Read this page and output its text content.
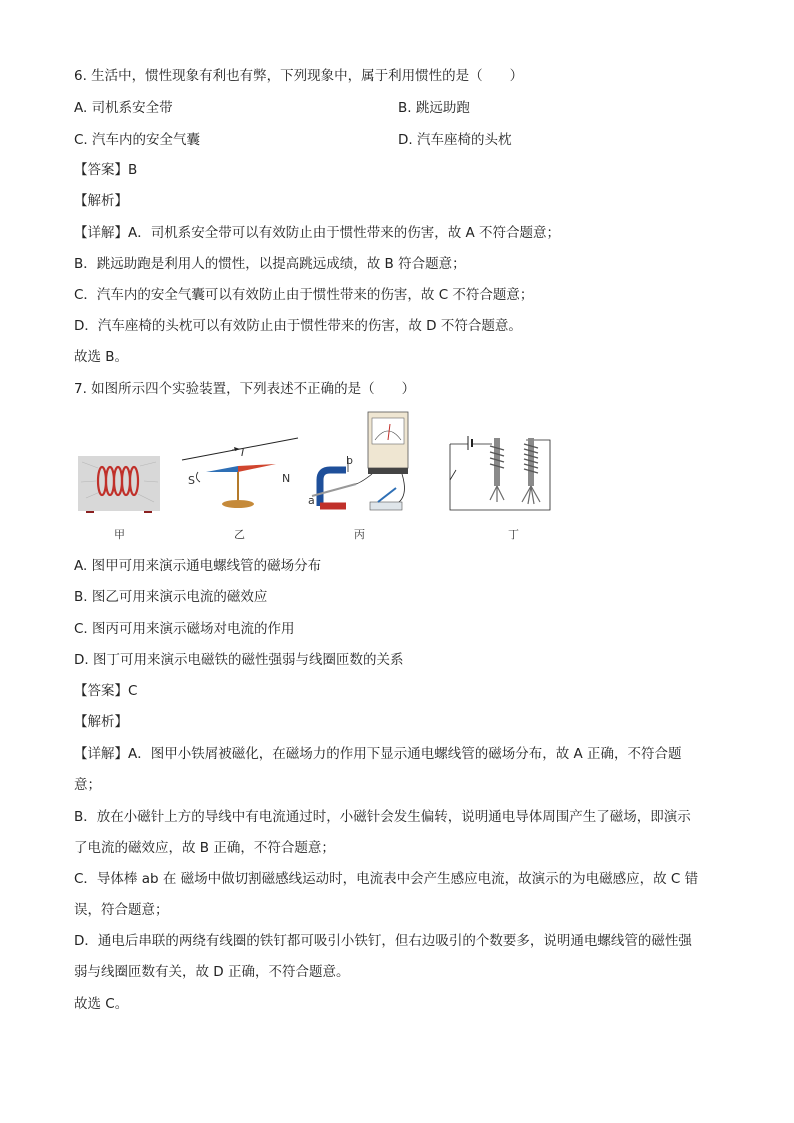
6. 生活中，惯性现象有利也有弊，下列现象中，属于利用惯性的是（　　）
A. 司机系安全带	B. 跳远助跑
C. 汽车内的安全气囊	D. 汽车座椅的头枕
【答案】B
【解析】
【详解】A．司机系安全带可以有效防止由于惯性带来的伤害，故 A 不符合题意；
B．跳远助跑是利用人的惯性，以提高跳远成绩，故 B 符合题意；
C．汽车内的安全气囊可以有效防止由于惯性带来的伤害，故 C 不符合题意；
D．汽车座椅的头枕可以有效防止由于惯性带来的伤害，故 D 不符合题意。
故选 B。
7. 如图所示四个实验装置，下列表述不正确的是（　　）
甲
I
S	N
乙
b
a
丙	丁
A. 图甲可用来演示通电螺线管的磁场分布
B. 图乙可用来演示电流的磁效应
C. 图丙可用来演示磁场对电流的作用
D. 图丁可用来演示电磁铁的磁性强弱与线圈匝数的关系
【答案】C
【解析】
【详解】A．图甲小铁屑被磁化，在磁场力的作用下显示通电螺线管的磁场分布，故 A 正确，不符合题
意；
B．放在小磁针上方的导线中有电流通过时，小磁针会发生偏转，说明通电导体周围产生了磁场，即演示
了电流的磁效应，故 B 正确，不符合题意；
C．导体棒 ab 在 磁场中做切割磁感线运动时，电流表中会产生感应电流，故演示的为电磁感应，故 C 错
误，符合题意；
D．通电后串联的两绕有线圈的铁钉都可吸引小铁钉，但右边吸引的个数要多，说明通电螺线管的磁性强
弱与线圈匝数有关，故 D 正确，不符合题意。
故选 C。
